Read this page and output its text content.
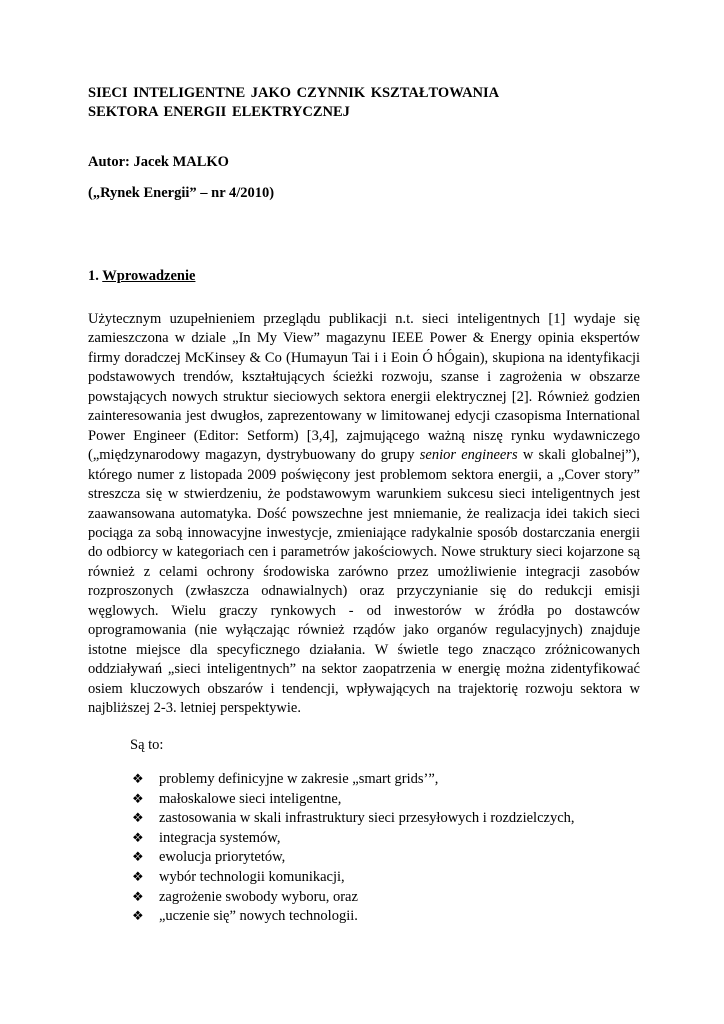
SIECI INTELIGENTNE JAKO CZYNNIK KSZTAŁTOWANIA
SEKTORA ENERGII ELEKTRYCZNEJ
Autor: Jacek MALKO
(„Rynek Energii” – nr 4/2010)
1. Wprowadzenie

Użytecznym uzupełnieniem przeglądu publikacji n.t. sieci inteligentnych [1] wydaje się zamieszczona w dziale „In My View” magazynu IEEE Power & Energy opinia ekspertów firmy doradczej McKinsey & Co (Humayun Tai i i Eoin Ó hÓgain), skupiona na identyfikacji podstawowych trendów, kształtujących ścieżki rozwoju, szanse i zagrożenia w obszarze powstających nowych struktur sieciowych sektora energii elektrycznej [2]. Również godzien zainteresowania jest dwugłos, zaprezentowany w limitowanej edycji czasopisma International Power Engineer (Editor: Setform) [3,4], zajmującego ważną niszę rynku wydawniczego („międzynarodowy magazyn, dystrybuowany do grupy senior engineers w skali globalnej”), którego numer z listopada 2009 poświęcony jest problemom sektora energii, a „Cover story” streszcza się w stwierdzeniu, że podstawowym warunkiem sukcesu sieci inteligentnych jest zaawansowana automatyka. Dość powszechne jest mniemanie, że realizacja idei takich sieci pociąga za sobą innowacyjne inwestycje, zmieniające radykalnie sposób dostarczania energii do odbiorcy w kategoriach cen i parametrów jakościowych. Nowe struktury sieci kojarzone są również z celami ochrony środowiska zarówno przez umożliwienie integracji zasobów rozproszonych (zwłaszcza odnawialnych) oraz przyczynianie się do redukcji emisji węglowych. Wielu graczy rynkowych - od inwestorów w źródła po dostawców oprogramowania (nie wyłączając również rządów jako organów regulacyjnych) znajduje istotne miejsce dla specyficznego działania. W świetle tego znacząco zróżnicowanych oddziaływań „sieci inteligentnych” na sektor zaopatrzenia w energię można zidentyfikować osiem kluczowych obszarów i tendencji, wpływających na trajektorię rozwoju sektora w najbliższej 2-3. letniej perspektywie.

Są to:
❖	problemy definicyjne w zakresie „smart grids’”,
❖	małoskalowe sieci inteligentne,
❖	zastosowania w skali infrastruktury sieci przesyłowych i rozdzielczych,
❖	integracja systemów,
❖	ewolucja priorytetów,
❖	wybór technologii komunikacji,
❖	zagrożenie swobody wyboru, oraz
❖	„uczenie się” nowych technologii.
